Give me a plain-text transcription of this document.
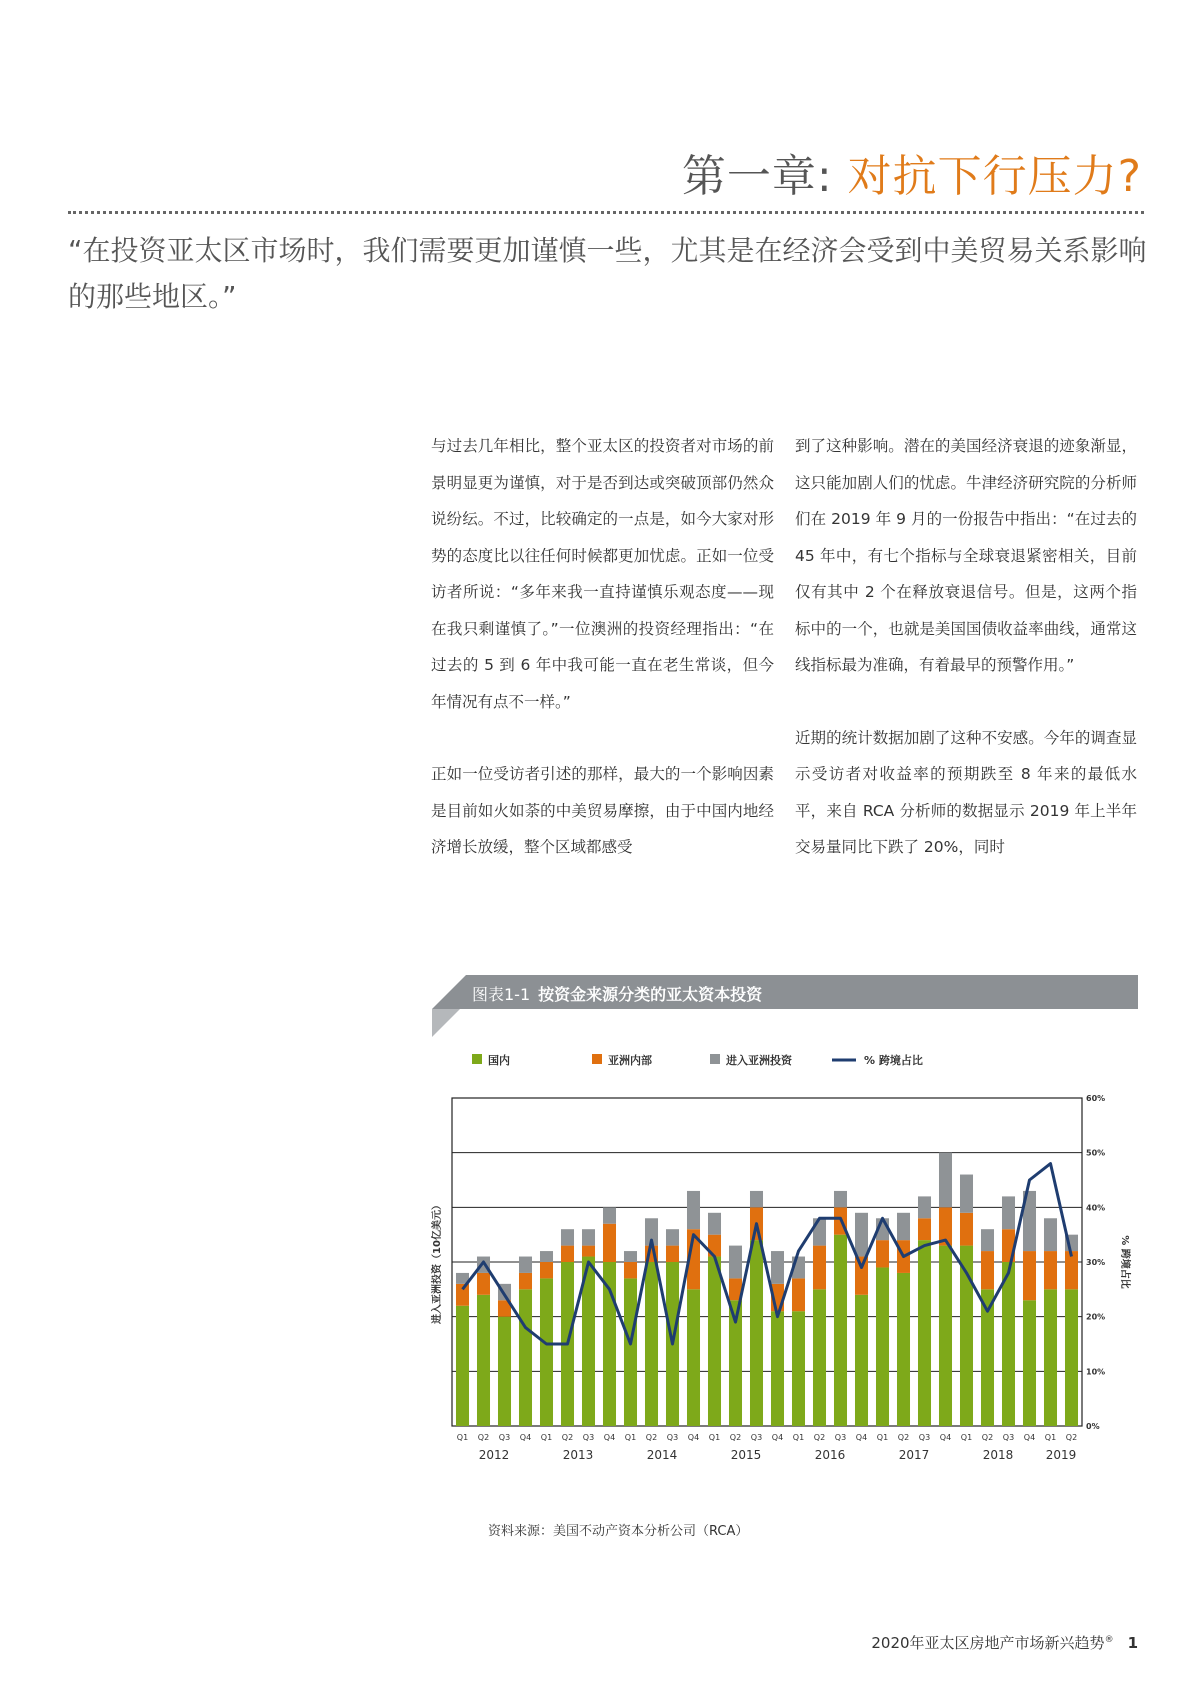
第一章: 对抗下行压力?

“在投资亚太区市场时，我们需要更加谨慎一些，尤其是在经济会受到中美贸易关系影响的那些地区。”

与过去几年相比，整个亚太区的投资者对市场的前景明显更为谨慎，对于是否到达或突破顶部仍然众说纷纭。不过，比较确定的一点是，如今大家对形势的态度比以往任何时候都更加忧虑。正如一位受访者所说：“多年来我一直持谨慎乐观态度——现在我只剩谨慎了。”一位澳洲的投资经理指出：“在过去的 5 到 6 年中我可能一直在老生常谈，但今年情况有点不一样。”

正如一位受访者引述的那样，最大的一个影响因素是目前如火如荼的中美贸易摩擦，由于中国内地经济增长放缓，整个区域都感受

到了这种影响。潜在的美国经济衰退的迹象渐显，这只能加剧人们的忧虑。牛津经济研究院的分析师们在 2019 年 9 月的一份报告中指出：“在过去的 45 年中，有七个指标与全球衰退紧密相关，目前仅有其中 2 个在释放衰退信号。但是，这两个指标中的一个，也就是美国国债收益率曲线，通常这线指标最为准确，有着最早的预警作用。”

近期的统计数据加剧了这种不安感。今年的调查显示受访者对收益率的预期跌至 8 年来的最低水平，来自 RCA 分析师的数据显示 2019 年上半年交易量同比下跌了 20%，同时

图表1-1 按资金来源分类的亚太资本投资
国内	亚洲内部	进入亚洲投资	% 跨境占比
0%
10%
20%
30%
40%
50%
60%
Q1 Q2 Q3 Q4 Q1 Q2 Q3 Q4 Q1 Q2 Q3 Q4 Q1 Q2 Q3 Q4 Q1 Q2 Q3 Q4 Q1 Q2 Q3 Q4 Q1 Q2 Q3 Q4 Q1 Q2
2012	2013	2014	2015	2016	2017	2018	2019
进入亚洲投资（10亿美元）	% 跨境占比
资料来源：美国不动产资本分析公司（RCA）
2020年亚太区房地产市场新兴趋势® 1
